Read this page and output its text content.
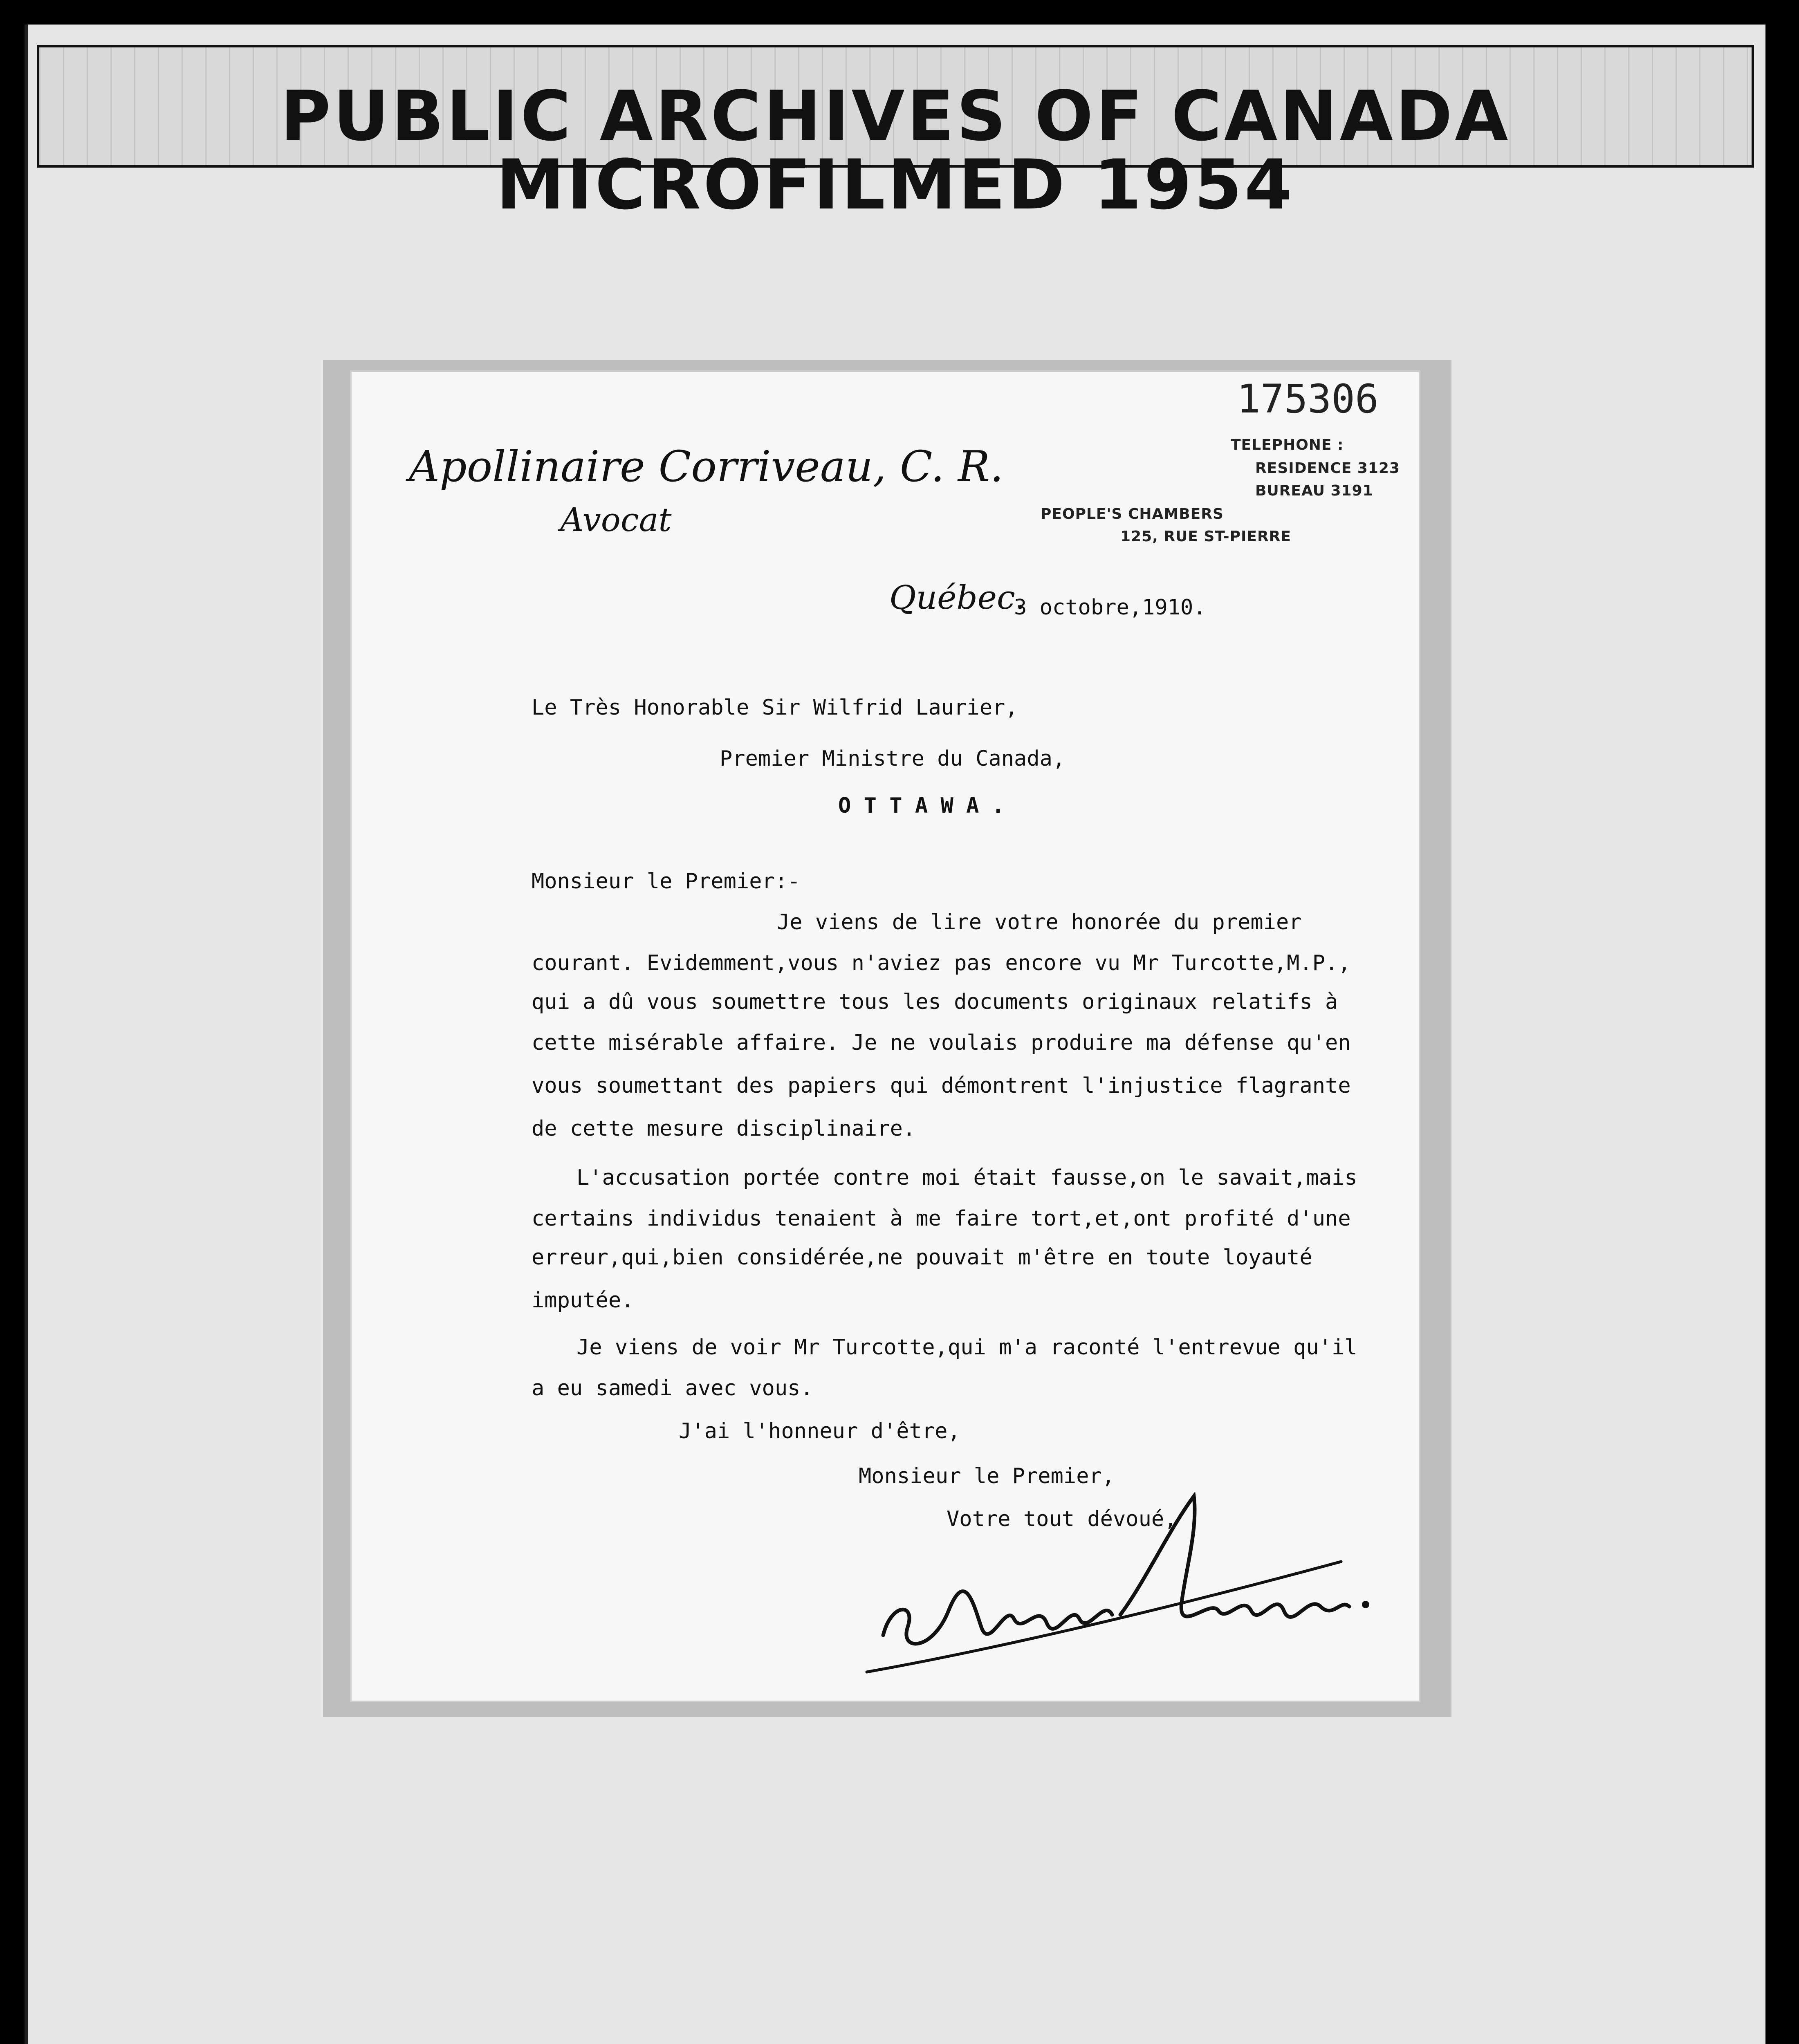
PUBLIC ARCHIVES OF CANADA MICROFILMED 1954
175306
Apollinaire Corriveau, C. R.
Avocat
TELEPHONE :
RESIDENCE 3123
BUREAU 3191
PEOPLE'S CHAMBERS
125, RUE ST-PIERRE
Québec.
3 octobre,1910.
Le Très Honorable Sir Wilfrid Laurier,
Premier Ministre du Canada,
O T T A W A .
Monsieur le Premier:-
Je viens de lire votre honorée du premier
courant. Evidemment,vous n'aviez pas encore vu Mr Turcotte,M.P.,
qui a dû vous soumettre tous les documents originaux relatifs à
cette misérable affaire. Je ne voulais produire ma défense qu'en
vous soumettant des papiers qui démontrent l'injustice flagrante
de cette mesure disciplinaire.
L'accusation portée contre moi était fausse,on le savait,mais
certains individus tenaient à me faire tort,et,ont profité d'une
erreur,qui,bien considérée,ne pouvait m'être en toute loyauté
imputée.
Je viens de voir Mr Turcotte,qui m'a raconté l'entrevue qu'il
a eu samedi avec vous.
J'ai l'honneur d'être,
Monsieur le Premier,
Votre tout dévoué,
